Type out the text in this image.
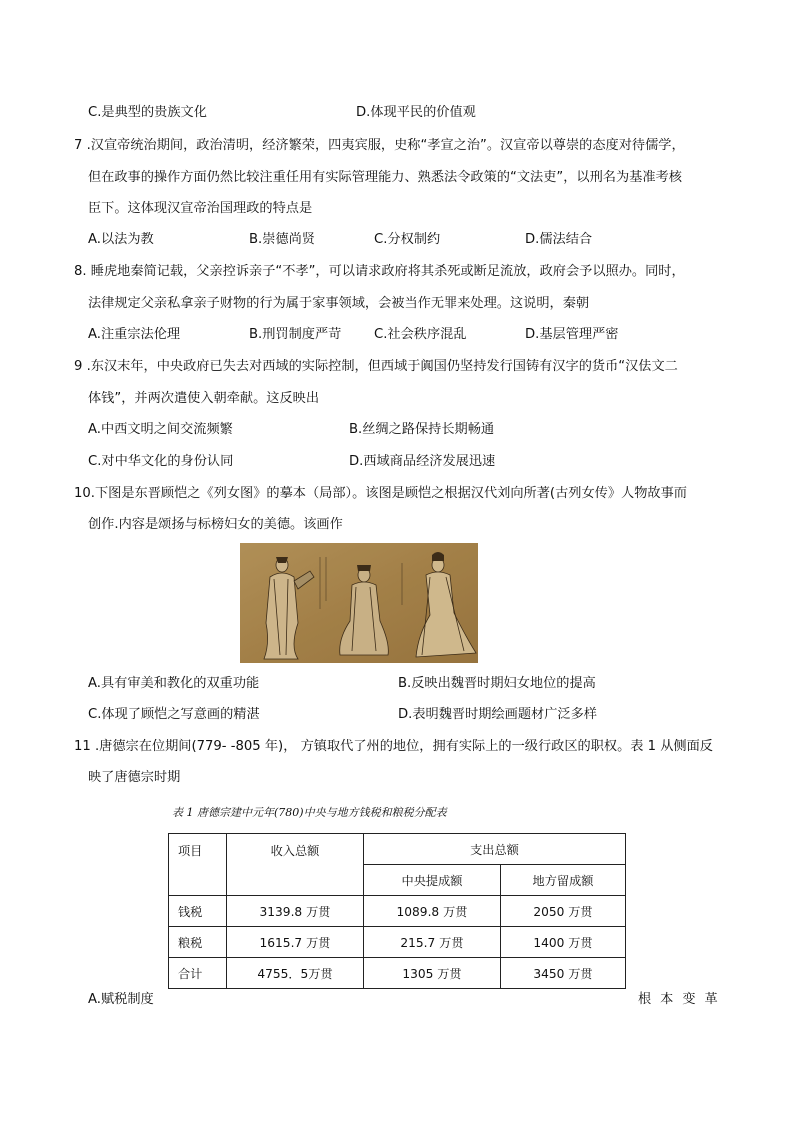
C.是典型的贵族文化	D.体现平民的价值观
7 .汉宣帝统治期间，政治清明，经济繁荣，四夷宾服，史称“孝宣之治”。汉宣帝以尊崇的态度对待儒学，
但在政事的操作方面仍然比较注重任用有实际管理能力、熟悉法令政策的“文法吏”，以刑名为基准考核
臣下。这体现汉宣帝治国理政的特点是
A.以法为教	B.崇德尚贤	C.分权制约	D.儒法结合
8. 睡虎地秦简记载，父亲控诉亲子“不孝”，可以请求政府将其杀死或断足流放，政府会予以照办。同时，
法律规定父亲私拿亲子财物的行为属于家事领域，会被当作无罪来处理。这说明，秦朝
A.注重宗法伦理	B.刑罚制度严苛 C.社会秩序混乱	D.基层管理严密
9 .东汉末年，中央政府已失去对西域的实际控制，但西域于阗国仍坚持发行国铸有汉字的货币“汉佉文二
体钱”，并两次遣使入朝牵献。这反映出
A.中西文明之间交流频繁	B.丝绸之路保持长期畅通
C.对中华文化的身份认同	D.西域商品经济发展迅速
10.下图是东晋顾恺之《列女图》的摹本（局部）。该图是顾恺之根据汉代刘向所著(古列女传》人物故事而
创作.内容是颂扬与标榜妇女的美德。该画作
A.具有审美和教化的双重功能	B.反映出魏晋时期妇女地位的提高
C.体现了顾恺之写意画的精湛	D.表明魏晋时期绘画题材广泛多样
11 .唐德宗在位期间(779- -805 年)， 方镇取代了州的地位，拥有实际上的一级行政区的职权。表 1 从侧面反
映了唐德宗时期
表 1 唐德宗建中元年(780)中央与地方钱税和粮税分配表
项目	收入总额	支出总额	
		中央提成额	地方留成额
钱税	3139.8 万贯	1089.8 万贯	2050 万贯
粮税	1615.7 万贯	215.7 万贯	1400 万贯
合计	4755．5万贯	1305 万贯	3450 万贯
A.赋税制度	根本变革
